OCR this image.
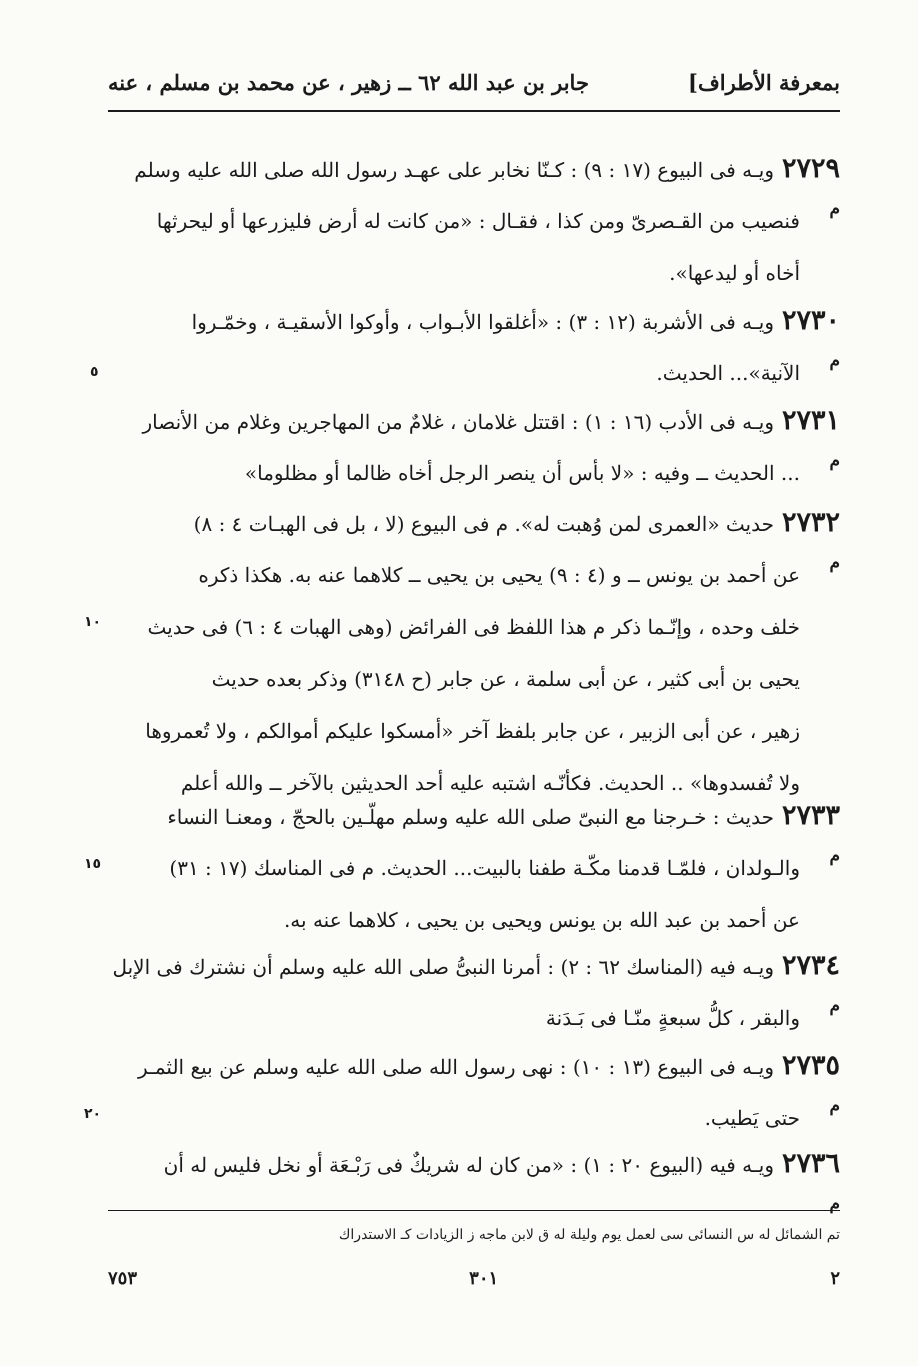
بمعرفة الأطراف]
جابر بن عبد الله ٦٢ ــ زهير ، عن محمد بن مسلم ، عنه
٢٧٢٩ويـه فى البيوع (١٧ : ٩) : كـنّا نخابر على عهـد رسول الله صلى الله عليه وسلم
م
فنصيب من القـصرىّ ومن كذا ، فقـال : «من كانت له أرض فليزرعها أو ليحرثها
أخاه أو ليدعها».
٢٧٣٠ويـه فى الأشربة (١٢ : ٣) : «أغلقوا الأبـواب ، وأوكوا الأسقيـة ، وخمّـروا
م
الآنية»... الحديث.
٢٧٣١ويـه فى الأدب (١٦ : ١) : اقتتل غلامان ، غلامٌ من المهاجرين وغلام من الأنصار
م
... الحديث ــ وفيه : «لا بأس أن ينصر الرجل أخاه ظالما أو مظلوما»
٢٧٣٢حديث «العمرى لمن وُهبت له». م فى البيوع (لا ، بل فى الهبـات ٤ : ٨)
م
عن أحمد بن يونس ــ و (٤ : ٩) يحيى بن يحيى ــ كلاهما عنه به. هكذا ذكره
خلف وحده ، وإنّـما ذكر م هذا اللفظ فى الفرائض (وهى الهبات ٤ : ٦) فى حديث
يحيى بن أبى كثير ، عن أبى سلمة ، عن جابر (ح ٣١٤٨) وذكر بعده حديث
زهير ، عن أبى الزبير ، عن جابر بلفظ آخر «أمسكوا عليكم أموالكم ، ولا تُعمروها
ولا تُفسدوها» .. الحديث. فكأنّـه اشتبه عليه أحد الحديثين بالآخر ــ والله أعلم
٢٧٣٣حديث : خـرجنا مع النبىّ صلى الله عليه وسلم مهلّـين بالحجّ ، ومعنـا النساء
م
والـولدان ، فلمّـا قدمنا مكّـة طفنا بالبيت... الحديث. م فى المناسك (١٧ : ٣١)
عن أحمد بن عبد الله بن يونس ويحيى بن يحيى ، كلاهما عنه به.
٢٧٣٤ويـه فيه (المناسك ٦٢ : ٢) : أمرنا النبىُّ صلى الله عليه وسلم أن نشترك فى الإبل
م
والبقر ، كلُّ سبعةٍ منّـا فى بَـدَنة
٢٧٣٥ويـه فى البيوع (١٣ : ١٠) : نهى رسول الله صلى الله عليه وسلم عن بيع الثمـر
م
حتى يَطيب.
٢٧٣٦ويـه فيه (البيوع ٢٠ : ١) : «من كان له شريكٌ فى رَبْـعَة أو نخل فليس له أن
م
٥
١٠
١٥
٢٠
تم الشمائل له س النسائى سى لعمل يوم وليلة له ق لابن ماجه ز الزيادات كـ الاستدراك
٢
٣٠١
٧٥٣
